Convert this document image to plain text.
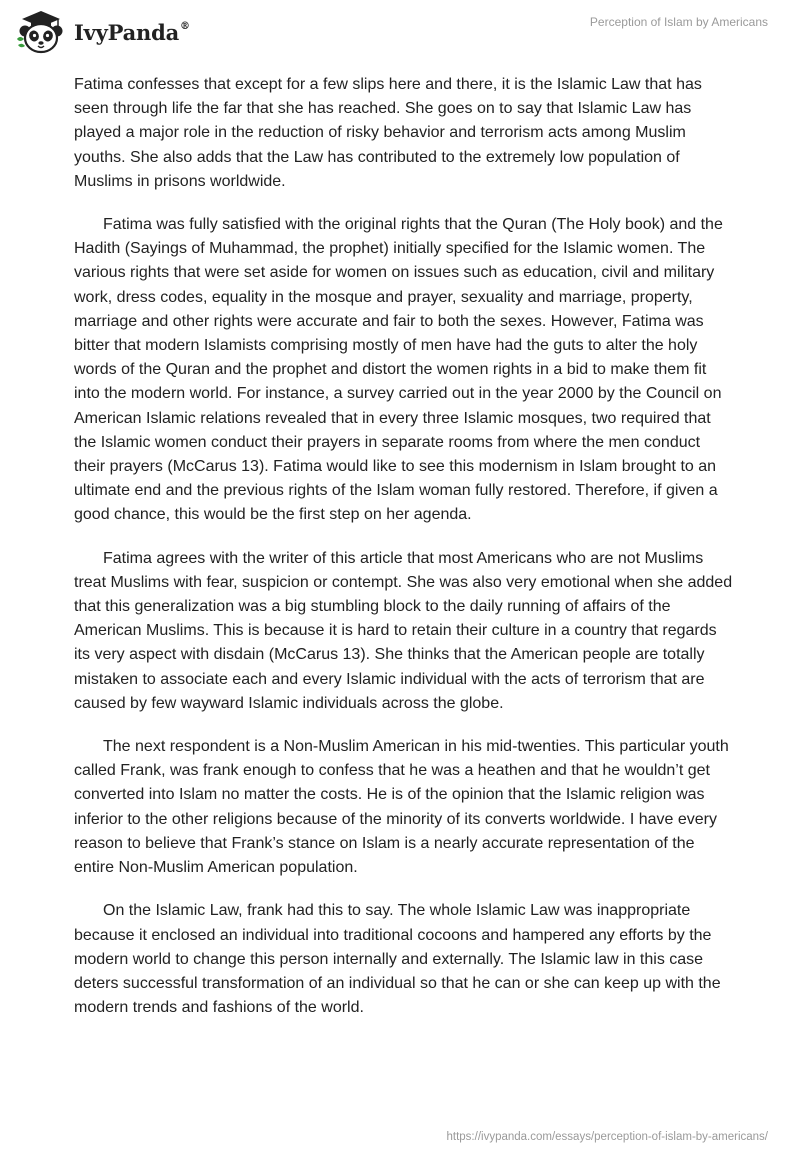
IvyPanda®	Perception of Islam by Americans

Fatima confesses that except for a few slips here and there, it is the Islamic Law that has seen through life the far that she has reached. She goes on to say that Islamic Law has played a major role in the reduction of risky behavior and terrorism acts among Muslim youths. She also adds that the Law has contributed to the extremely low population of Muslims in prisons worldwide.

Fatima was fully satisfied with the original rights that the Quran (The Holy book) and the Hadith (Sayings of Muhammad, the prophet) initially specified for the Islamic women. The various rights that were set aside for women on issues such as education, civil and military work, dress codes, equality in the mosque and prayer, sexuality and marriage, property, marriage and other rights were accurate and fair to both the sexes. However, Fatima was bitter that modern Islamists comprising mostly of men have had the guts to alter the holy words of the Quran and the prophet and distort the women rights in a bid to make them fit into the modern world. For instance, a survey carried out in the year 2000 by the Council on American Islamic relations revealed that in every three Islamic mosques, two required that the Islamic women conduct their prayers in separate rooms from where the men conduct their prayers (McCarus 13). Fatima would like to see this modernism in Islam brought to an ultimate end and the previous rights of the Islam woman fully restored. Therefore, if given a good chance, this would be the first step on her agenda.

Fatima agrees with the writer of this article that most Americans who are not Muslims treat Muslims with fear, suspicion or contempt. She was also very emotional when she added that this generalization was a big stumbling block to the daily running of affairs of the American Muslims. This is because it is hard to retain their culture in a country that regards its very aspect with disdain (McCarus 13). She thinks that the American people are totally mistaken to associate each and every Islamic individual with the acts of terrorism that are caused by few wayward Islamic individuals across the globe.

The next respondent is a Non-Muslim American in his mid-twenties. This particular youth called Frank, was frank enough to confess that he was a heathen and that he wouldn’t get converted into Islam no matter the costs. He is of the opinion that the Islamic religion was inferior to the other religions because of the minority of its converts worldwide. I have every reason to believe that Frank’s stance on Islam is a nearly accurate representation of the entire Non-Muslim American population.

On the Islamic Law, frank had this to say. The whole Islamic Law was inappropriate because it enclosed an individual into traditional cocoons and hampered any efforts by the modern world to change this person internally and externally. The Islamic law in this case deters successful transformation of an individual so that he can or she can keep up with the modern trends and fashions of the world.

https://ivypanda.com/essays/perception-of-islam-by-americans/
